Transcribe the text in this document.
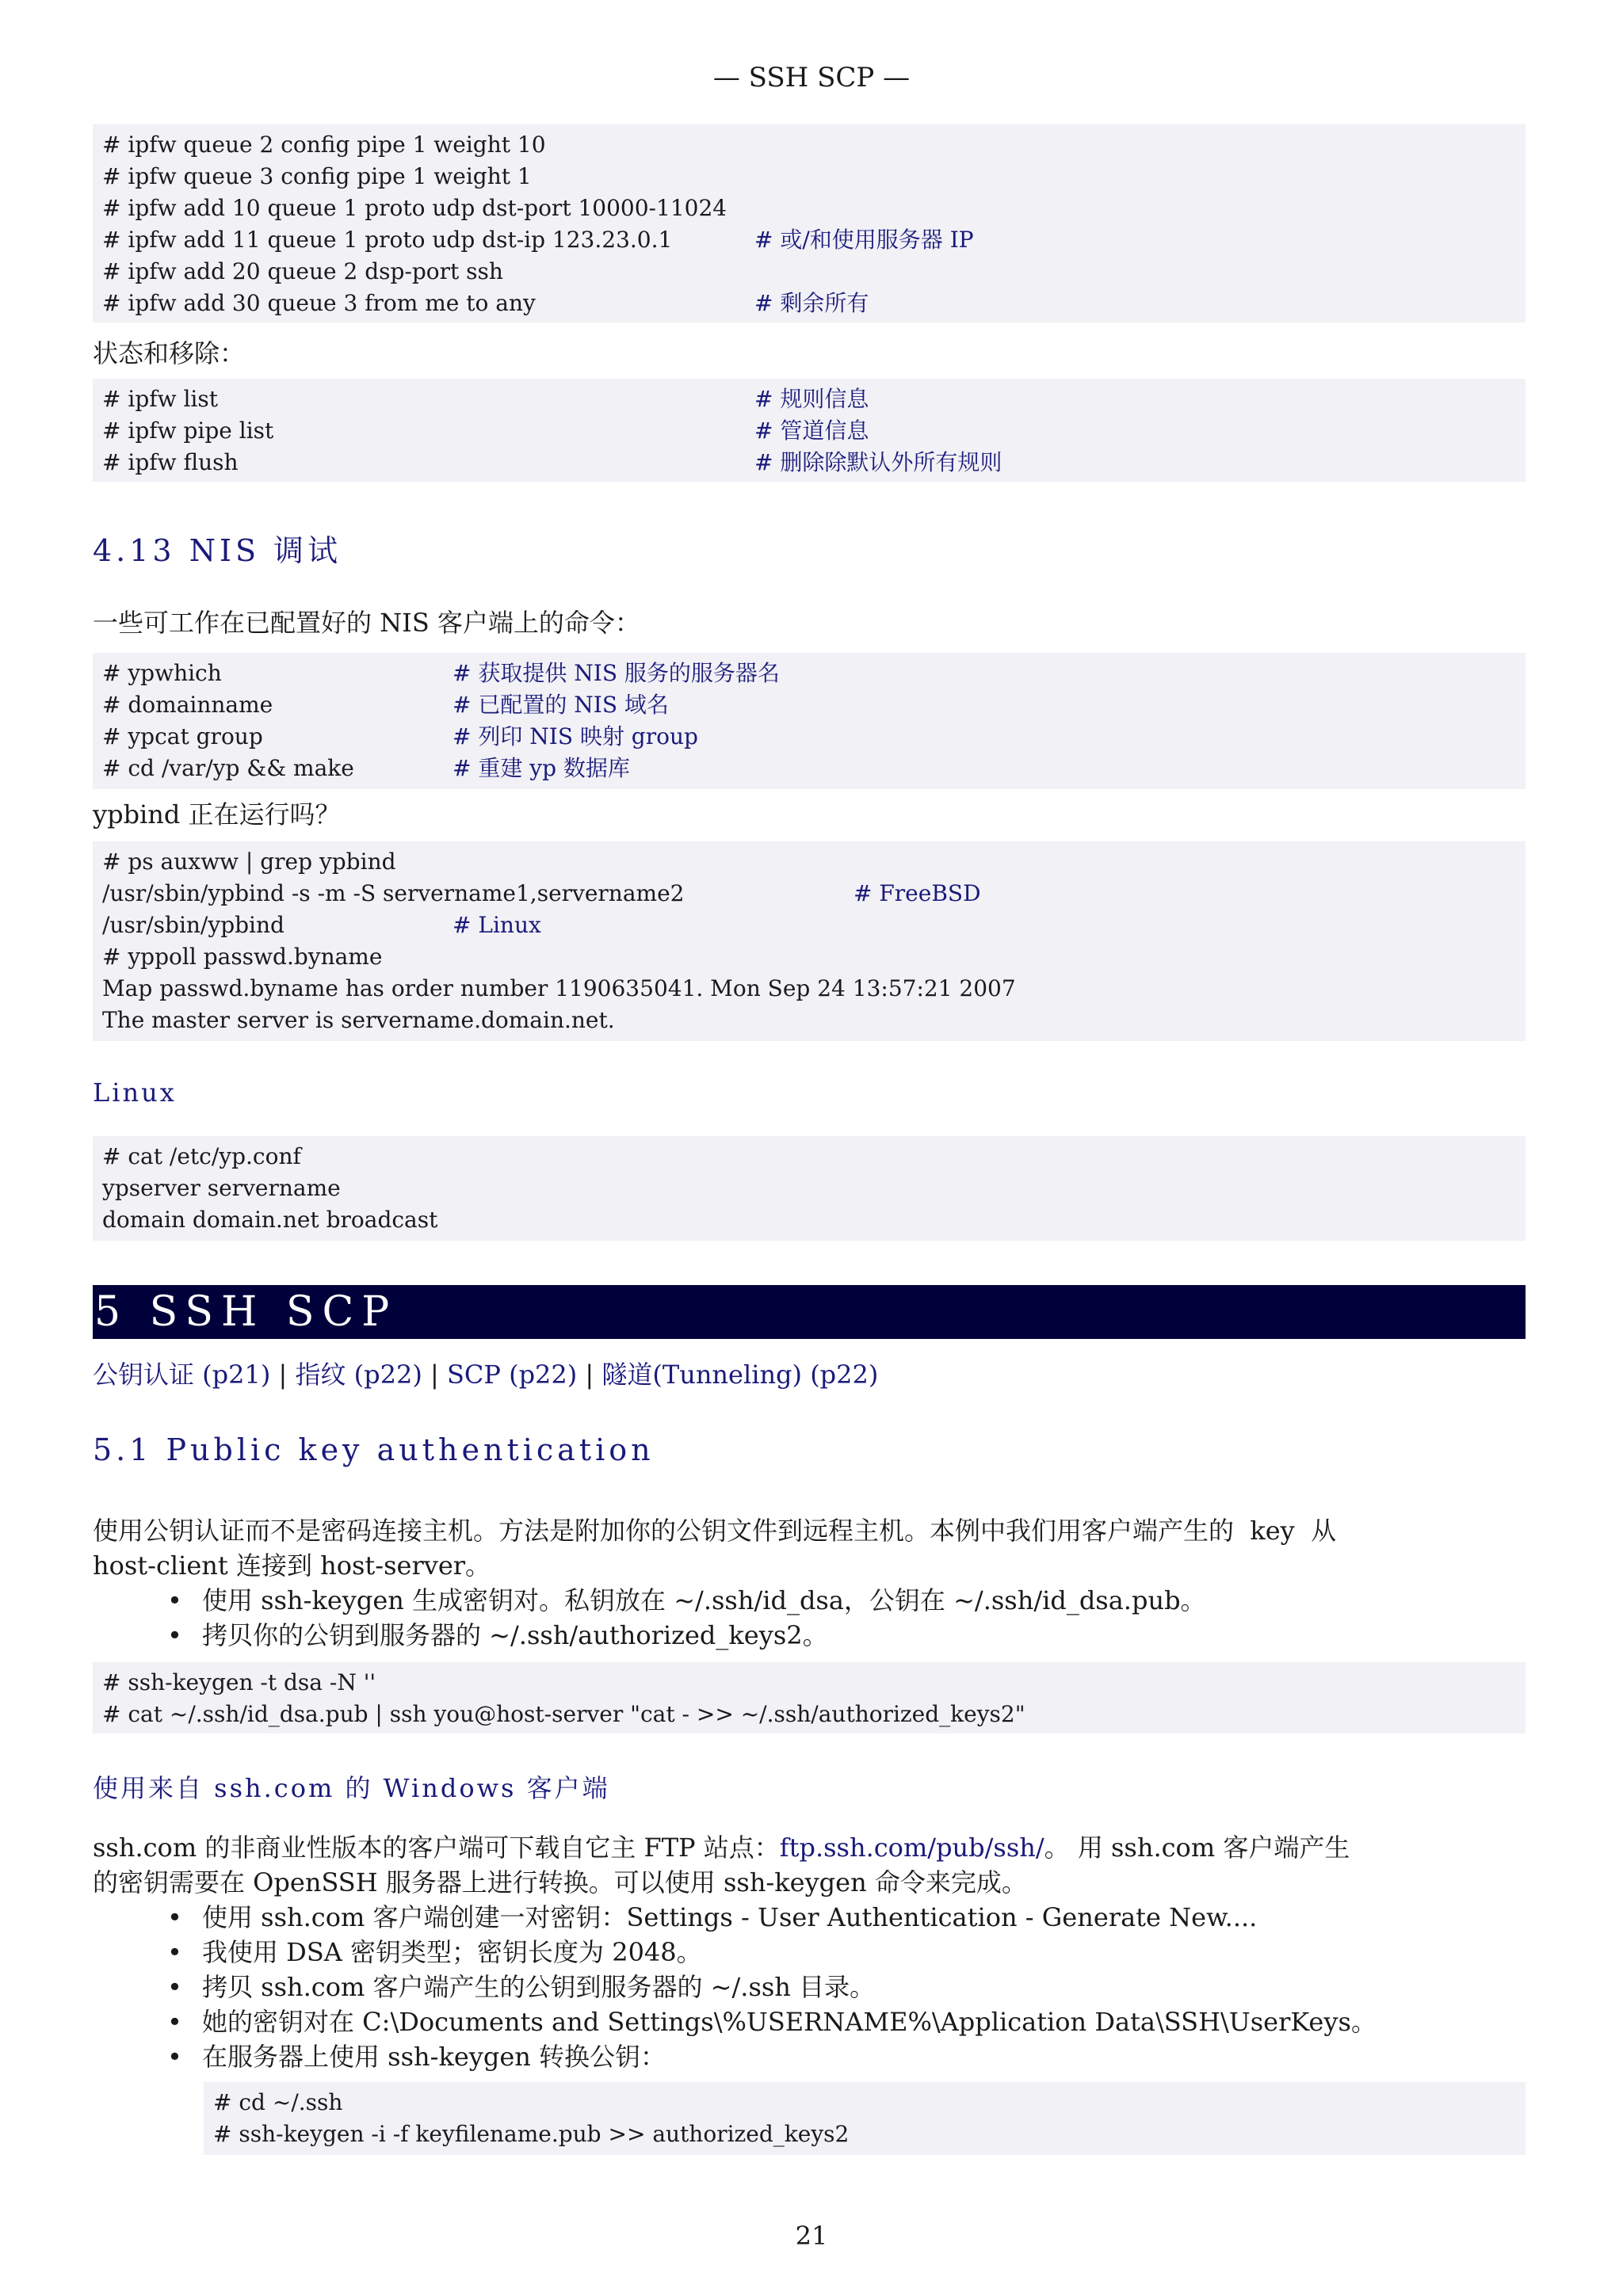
— SSH SCP —
# ipfw queue 2 config pipe 1 weight 10
# ipfw queue 3 config pipe 1 weight 1
# ipfw add 10 queue 1 proto udp dst-port 10000-11024
# ipfw add 11 queue 1 proto udp dst-ip 123.23.0.1	# 或/和使用服务器 IP
# ipfw add 20 queue 2 dsp-port ssh
# ipfw add 30 queue 3 from me to any	# 剩余所有
状态和移除：
# ipfw list	# 规则信息
# ipfw pipe list	# 管道信息
# ipfw flush	# 删除除默认外所有规则
4.13 NIS 调试
一些可工作在已配置好的 NIS 客户端上的命令：
# ypwhich	# 获取提供 NIS 服务的服务器名
# domainname	# 已配置的 NIS 域名
# ypcat group	# 列印 NIS 映射 group
# cd /var/yp && make	# 重建 yp 数据库
ypbind 正在运行吗？
# ps auxww | grep ypbind
/usr/sbin/ypbind -s -m -S servername1,servername2	# FreeBSD
/usr/sbin/ypbind	# Linux
# yppoll passwd.byname
Map passwd.byname has order number 1190635041. Mon Sep 24 13:57:21 2007
The master server is servername.domain.net.
Linux
# cat /etc/yp.conf
ypserver servername
domain domain.net broadcast
5 SSH SCP
公钥认证 (p21) | 指纹 (p22) | SCP (p22) | 隧道(Tunneling) (p22)
5.1 Public key authentication
使用公钥认证而不是密码连接主机。方法是附加你的公钥文件到远程主机。本例中我们用客户端产生的  key  从
host-client 连接到 host-server。
• 使用 ssh-keygen 生成密钥对。私钥放在 ~/.ssh/id_dsa，公钥在 ~/.ssh/id_dsa.pub。
• 拷贝你的公钥到服务器的 ~/.ssh/authorized_keys2。
# ssh-keygen -t dsa -N ''
# cat ~/.ssh/id_dsa.pub | ssh you@host-server "cat - >> ~/.ssh/authorized_keys2"
使用来自 ssh.com 的 Windows 客户端
ssh.com 的非商业性版本的客户端可下载自它主 FTP 站点：ftp.ssh.com/pub/ssh/。 用 ssh.com 客户端产生
的密钥需要在 OpenSSH 服务器上进行转换。可以使用 ssh-keygen 命令来完成。
• 使用 ssh.com 客户端创建一对密钥：Settings - User Authentication - Generate New....
• 我使用 DSA 密钥类型；密钥长度为 2048。
• 拷贝 ssh.com 客户端产生的公钥到服务器的 ~/.ssh 目录。
• 她的密钥对在 C:\Documents and Settings\%USERNAME%\Application Data\SSH\UserKeys。
• 在服务器上使用 ssh-keygen 转换公钥：
# cd ~/.ssh
# ssh-keygen -i -f keyfilename.pub >> authorized_keys2
21
